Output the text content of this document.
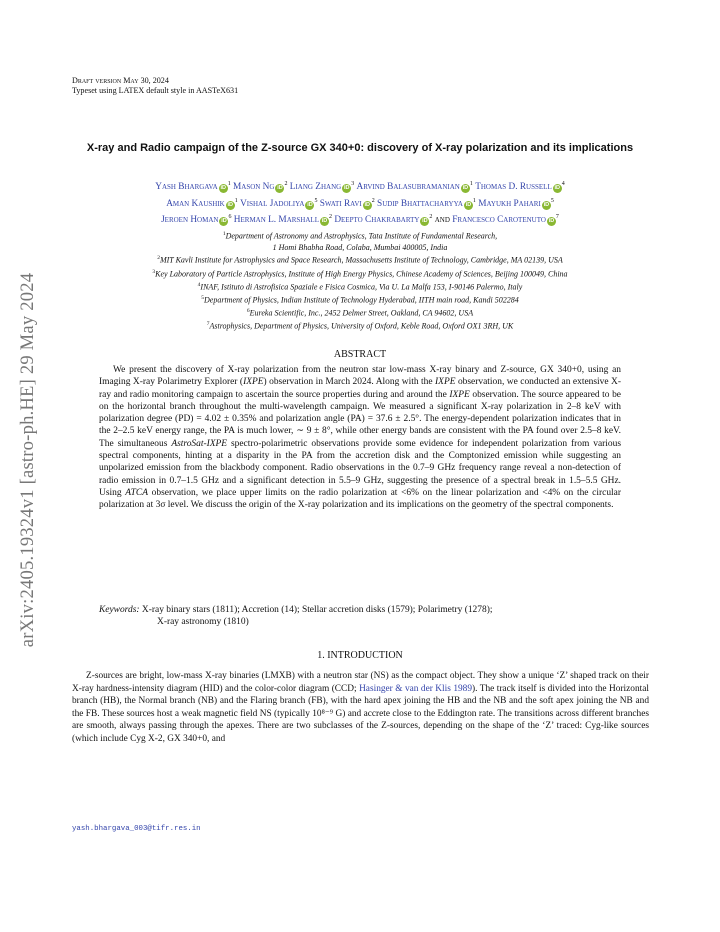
arXiv:2405.19324v1 [astro-ph.HE] 29 May 2024
Draft version May 30, 2024
Typeset using LATEX default style in AASTeX631
X-ray and Radio campaign of the Z-source GX 340+0: discovery of X-ray polarization and its implications
Yash Bhargava $iD^1$ Mason Ng $iD^2$ Liang Zhang $iD^3$ Arvind Balasubramanian $iD^1$ Thomas D. Russell $iD^4$
Aman Kaushik $iD^1$ Vishal Jadoliya $iD^5$ Swati Ravi $iD^2$ Sudip Bhattacharyya $iD^1$ Mayukh Pahari $iD^5$
Jeroen Homan $iD^6$ Herman L. Marshall $iD^2$ Deepto Chakrabarty $iD^2$ and Francesco Carotenuto $iD^7$
$^1$Department of Astronomy and Astrophysics, Tata Institute of Fundamental Research,
1 Homi Bhabha Road, Colaba, Mumbai 400005, India
$^2$MIT Kavli Institute for Astrophysics and Space Research, Massachusetts Institute of Technology, Cambridge, MA 02139, USA
$^3$Key Laboratory of Particle Astrophysics, Institute of High Energy Physics, Chinese Academy of Sciences, Beijing 100049, China
$^4$INAF, Istituto di Astrofisica Spaziale e Fisica Cosmica, Via U. La Malfa 153, I-90146 Palermo, Italy
$^5$Department of Physics, Indian Institute of Technology Hyderabad, IITH main road, Kandi 502284
$^6$Eureka Scientific, Inc., 2452 Delmer Street, Oakland, CA 94602, USA
$^7$Astrophysics, Department of Physics, University of Oxford, Keble Road, Oxford OX1 3RH, UK
ABSTRACT
We present the discovery of X-ray polarization from the neutron star low-mass X-ray binary and Z-source, GX 340+0, using an Imaging X-ray Polarimetry Explorer (IXPE) observation in March 2024. Along with the IXPE observation, we conducted an extensive X-ray and radio monitoring campaign to ascertain the source properties during and around the IXPE observation. The source appeared to be on the horizontal branch throughout the multi-wavelength campaign. We measured a significant X-ray polarization in 2–8 keV with polarization degree (PD) = 4.02 ± 0.35% and polarization angle (PA) = 37.6 ± 2.5°. The energy-dependent polarization indicates that in the 2–2.5 keV energy range, the PA is much lower, ∼ 9 ± 8°, while other energy bands are consistent with the PA found over 2.5–8 keV. The simultaneous AstroSat-IXPE spectro-polarimetric observations provide some evidence for independent polarization from various spectral components, hinting at a disparity in the PA from the accretion disk and the Comptonized emission while suggesting an unpolarized emission from the blackbody component. Radio observations in the 0.7–9 GHz frequency range reveal a non-detection of radio emission in 0.7–1.5 GHz and a significant detection in 5.5–9 GHz, suggesting the presence of a spectral break in 1.5–5.5 GHz. Using ATCA observation, we place upper limits on the radio polarization at <6% on the linear polarization and <4% on the circular polarization at 3σ level. We discuss the origin of the X-ray polarization and its implications on the geometry of the spectral components.
Keywords: X-ray binary stars (1811); Accretion (14); Stellar accretion disks (1579); Polarimetry (1278);
X-ray astronomy (1810)
1. INTRODUCTION
Z-sources are bright, low-mass X-ray binaries (LMXB) with a neutron star (NS) as the compact object. They show a unique ‘Z’ shaped track on their X-ray hardness-intensity diagram (HID) and the color-color diagram (CCD; Hasinger & van der Klis 1989). The track itself is divided into the Horizontal branch (HB), the Normal branch (NB) and the Flaring branch (FB), with the hard apex joining the HB and the NB and the soft apex joining the NB and the FB. These sources host a weak magnetic field NS (typically 10⁸⁻⁹ G) and accrete close to the Eddington rate. The transitions across different branches are smooth, always passing through the apexes. There are two subclasses of the Z-sources, depending on the shape of the ‘Z’ traced: Cyg-like sources (which include Cyg X-2, GX 340+0, and
yash.bhargava_003@tifr.res.in
